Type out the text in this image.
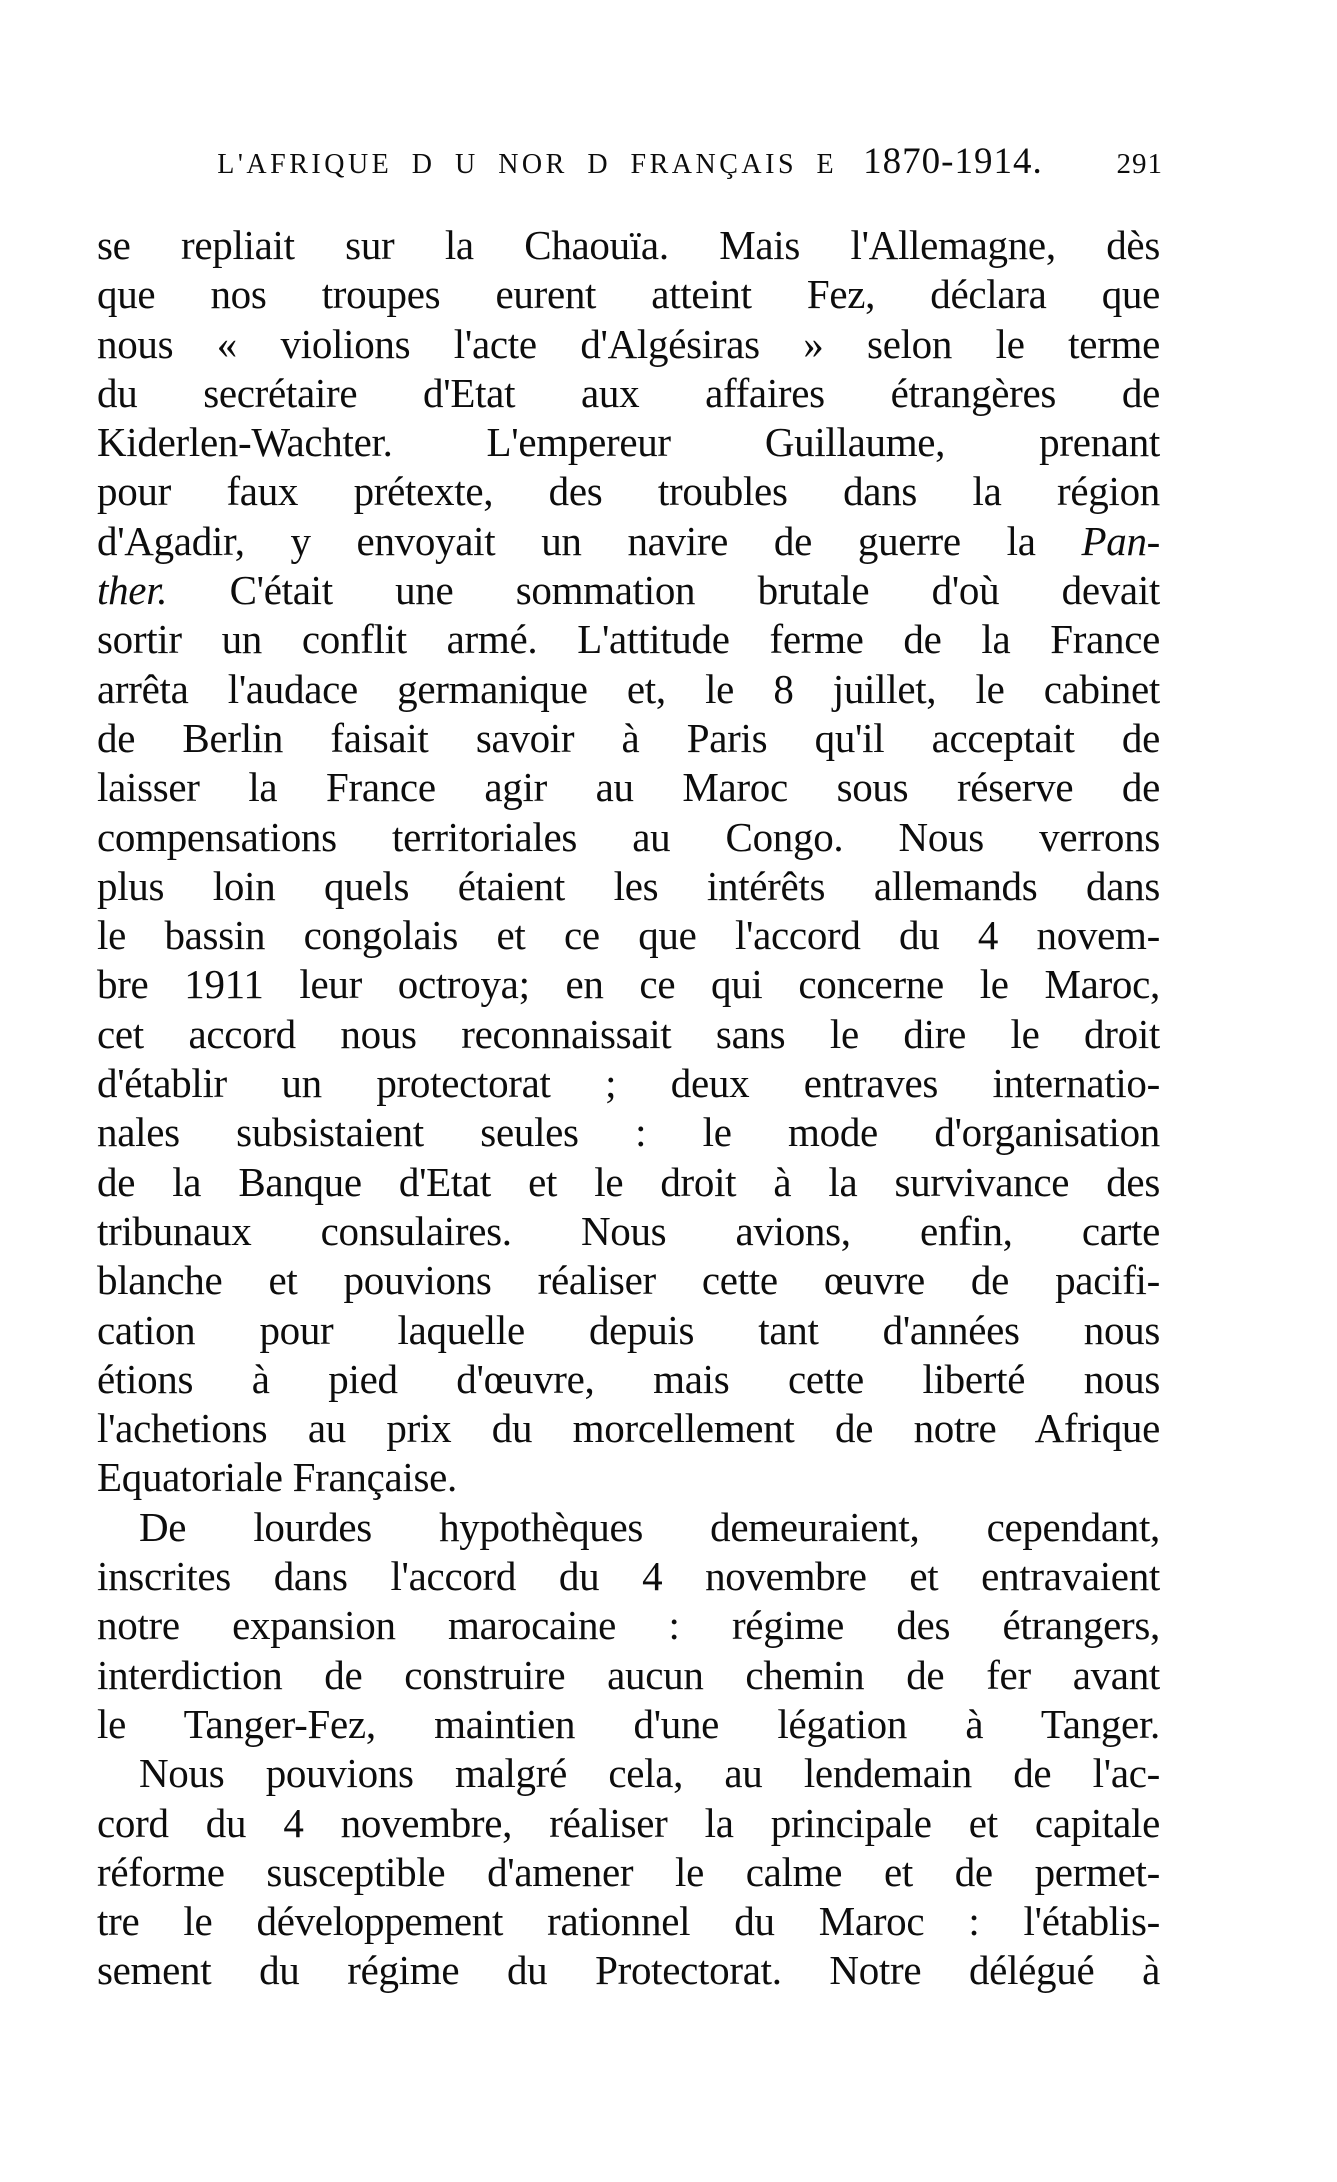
L'AFRIQUE D U NOR D FRANÇAIS E 1870-1914.	291
se repliait sur la Chaouïa. Mais l'Allemagne, dès
que nos troupes eurent atteint Fez, déclara que
nous « violions l'acte d'Algésiras » selon le terme
du secrétaire d'Etat aux affaires étrangères de
Kiderlen-Wachter. L'empereur Guillaume, prenant
pour faux prétexte, des troubles dans la région
d'Agadir, y envoyait un navire de guerre la Pan-
ther. C'était une sommation brutale d'où devait
sortir un conflit armé. L'attitude ferme de la France
arrêta l'audace germanique et, le 8 juillet, le cabinet
de Berlin faisait savoir à Paris qu'il acceptait de
laisser la France agir au Maroc sous réserve de
compensations territoriales au Congo. Nous verrons
plus loin quels étaient les intérêts allemands dans
le bassin congolais et ce que l'accord du 4 novem-
bre 1911 leur octroya; en ce qui concerne le Maroc,
cet accord nous reconnaissait sans le dire le droit
d'établir un protectorat ; deux entraves internatio-
nales subsistaient seules : le mode d'organisation
de la Banque d'Etat et le droit à la survivance des
tribunaux consulaires. Nous avions, enfin, carte
blanche et pouvions réaliser cette œuvre de pacifi-
cation pour laquelle depuis tant d'années nous
étions à pied d'œuvre, mais cette liberté nous
l'achetions au prix du morcellement de notre Afrique
Equatoriale Française.
De lourdes hypothèques demeuraient, cependant,
inscrites dans l'accord du 4 novembre et entravaient
notre expansion marocaine : régime des étrangers,
interdiction de construire aucun chemin de fer avant
le Tanger-Fez, maintien d'une légation à Tanger.
Nous pouvions malgré cela, au lendemain de l'ac-
cord du 4 novembre, réaliser la principale et capitale
réforme susceptible d'amener le calme et de permet-
tre le développement rationnel du Maroc : l'établis-
sement du régime du Protectorat. Notre délégué à
